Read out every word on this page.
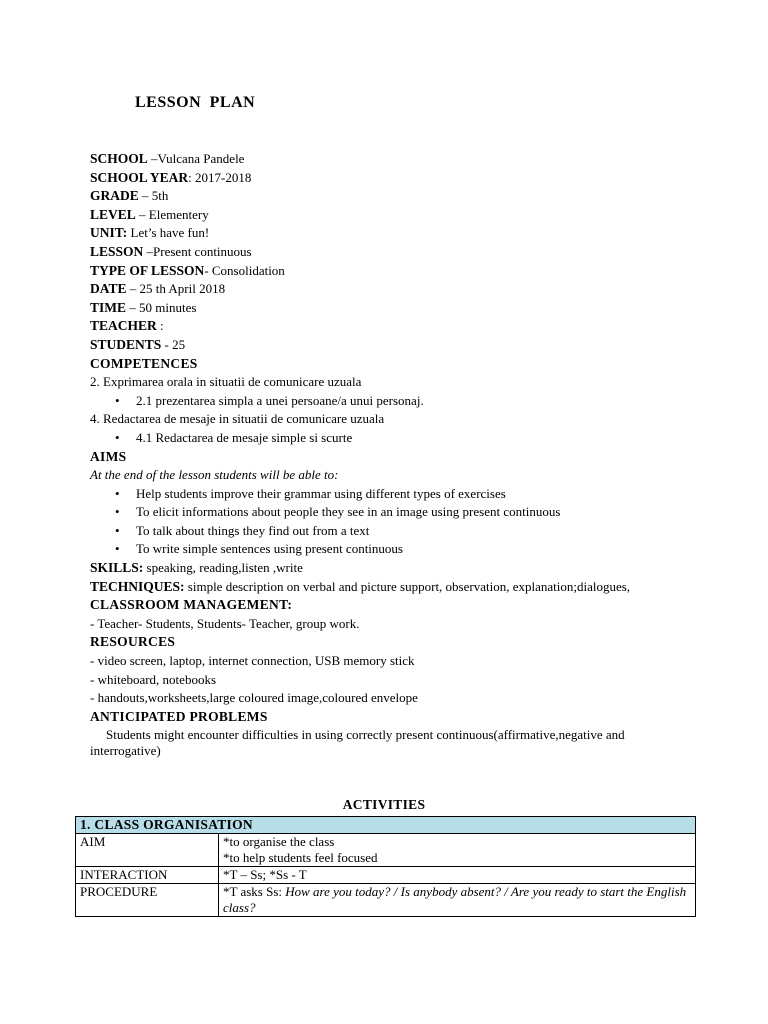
LESSON PLAN
SCHOOL –Vulcana Pandele
SCHOOL YEAR: 2017-2018
GRADE – 5th
LEVEL – Elementery
UNIT: Let’s have fun!
LESSON –Present continuous
TYPE OF LESSON- Consolidation
DATE – 25 th April 2018
TIME – 50 minutes
TEACHER :
STUDENTS - 25
COMPETENCES
2. Exprimarea orala in situatii de comunicare uzuala
• 2.1 prezentarea simpla a unei persoane/a unui personaj.
4. Redactarea de mesaje in situatii de comunicare uzuala
• 4.1 Redactarea de mesaje simple si scurte
AIMS
At the end of the lesson students will be able to:
• Help students improve their grammar using different types of exercises
• To elicit informations about people they see in an image using present continuous
• To talk about things they find out from a text
• To write simple sentences using present continuous
SKILLS: speaking, reading,listen ,write
TECHNIQUES: simple description on verbal and picture support, observation, explanation;dialogues,
CLASSROOM MANAGEMENT:
- Teacher- Students, Students- Teacher, group work.
RESOURCES
- video screen, laptop, internet connection, USB memory stick
- whiteboard, notebooks
- handouts,worksheets,large coloured image,coloured envelope
ANTICIPATED PROBLEMS
Students might encounter difficulties in using correctly present continuous(affirmative,negative and interrogative)
ACTIVITIES
1. CLASS ORGANISATION	
AIM	*to organise the class
*to help students feel focused

INTERACTION	*T – Ss; *Ss - T
PROCEDURE	*T asks Ss: How are you today? / Is anybody absent? / Are you ready to start the English class?
